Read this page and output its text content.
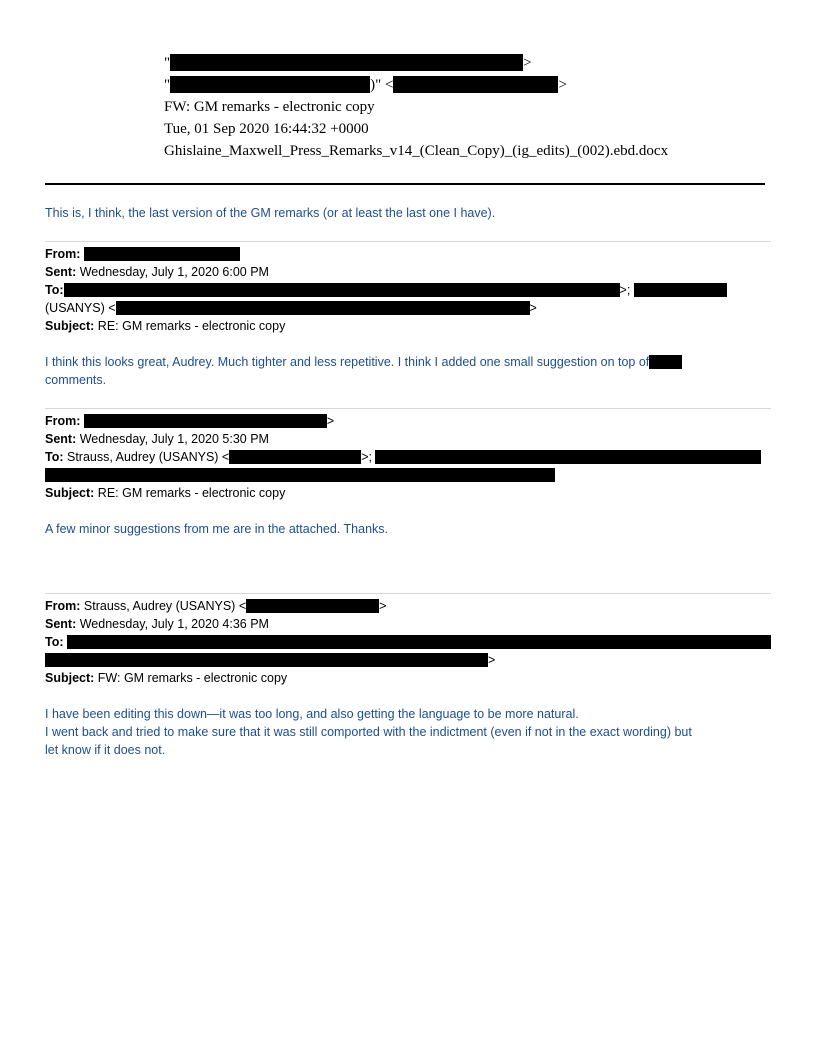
"	>
"	)" <	>
FW: GM remarks - electronic copy
Tue, 01 Sep 2020 16:44:32 +0000
Ghislaine_Maxwell_Press_Remarks_v14_(Clean_Copy)_(ig_edits)_(002).ebd.docx
This is, I think, the last version of the GM remarks (or at least the last one I have).
From:
Sent: Wednesday, July 1, 2020 6:00 PM
To:	>;
(USANYS) <	>
Subject: RE: GM remarks - electronic copy
I think this looks great, Audrey. Much tighter and less repetitive. I think I added one small suggestion on top of
comments.
From:	>
Sent: Wednesday, July 1, 2020 5:30 PM
To: Strauss, Audrey (USANYS) <	>;
Subject: RE: GM remarks - electronic copy
A few minor suggestions from me are in the attached. Thanks.
From: Strauss, Audrey (USANYS) <	>
Sent: Wednesday, July 1, 2020 4:36 PM
To:
>
Subject: FW: GM remarks - electronic copy
I have been editing this down—it was too long, and also getting the language to be more natural.
I went back and tried to make sure that it was still comported with the indictment (even if not in the exact wording) but
let know if it does not.
